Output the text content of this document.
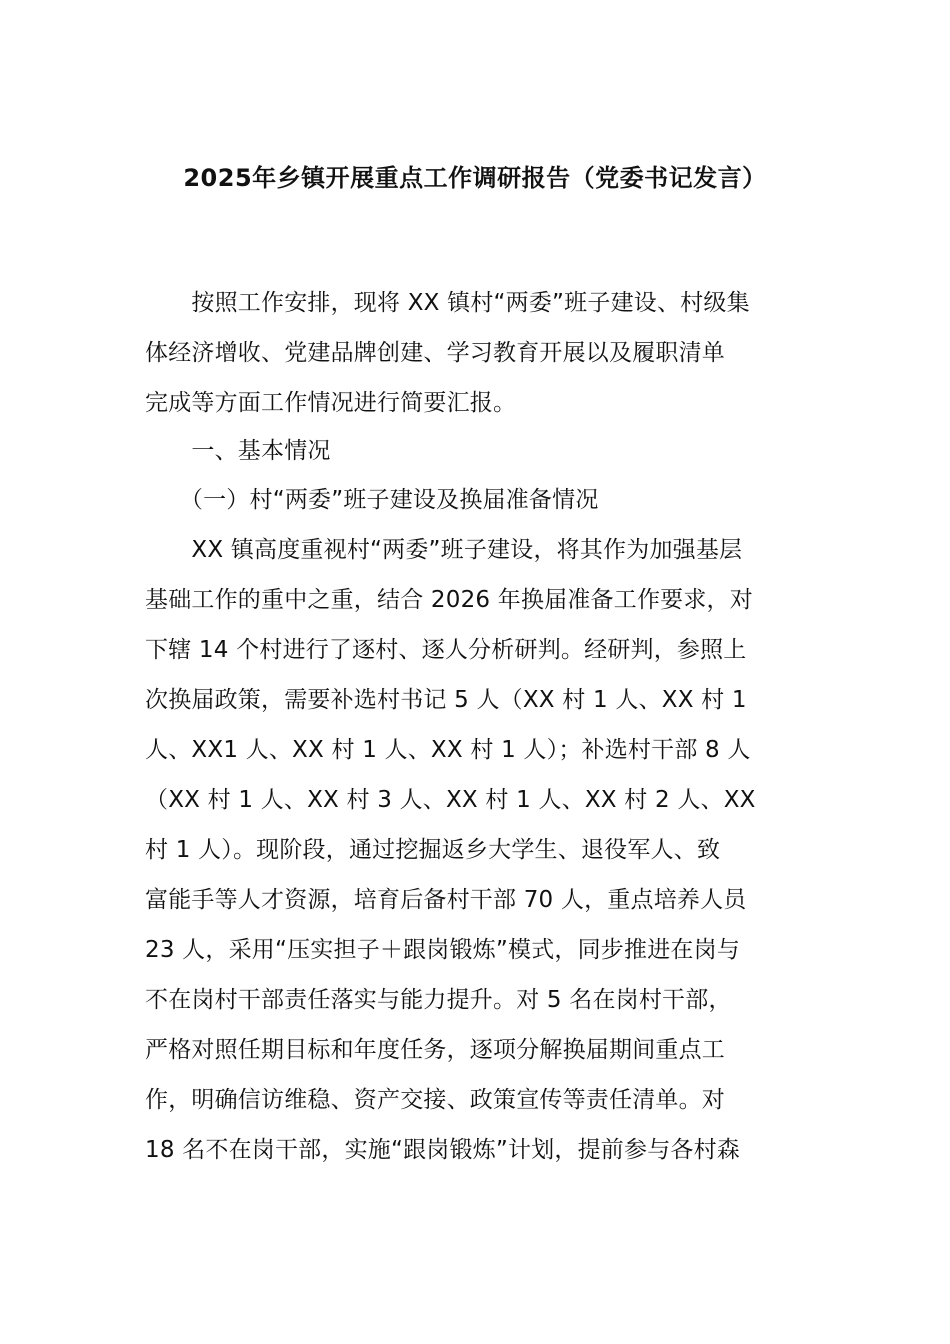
2025年乡镇开展重点工作调研报告（党委书记发言）
　　按照工作安排，现将 XX 镇村“两委”班子建设、村级集
体经济增收、党建品牌创建、学习教育开展以及履职清单
完成等方面工作情况进行简要汇报。
　　一、基本情况
　　（一）村“两委”班子建设及换届准备情况
　　XX 镇高度重视村“两委”班子建设，将其作为加强基层
基础工作的重中之重，结合 2026 年换届准备工作要求，对
下辖 14 个村进行了逐村、逐人分析研判。经研判，参照上
次换届政策，需要补选村书记 5 人（XX 村 1 人、XX 村 1
人、XX1 人、XX 村 1 人、XX 村 1 人）；补选村干部 8 人
（XX 村 1 人、XX 村 3 人、XX 村 1 人、XX 村 2 人、XX
村 1 人）。现阶段，通过挖掘返乡大学生、退役军人、致
富能手等人才资源，培育后备村干部 70 人，重点培养人员
23 人，采用“压实担子＋跟岗锻炼”模式，同步推进在岗与
不在岗村干部责任落实与能力提升。对 5 名在岗村干部，
严格对照任期目标和年度任务，逐项分解换届期间重点工
作，明确信访维稳、资产交接、政策宣传等责任清单。对
18 名不在岗干部，实施“跟岗锻炼”计划，提前参与各村森
